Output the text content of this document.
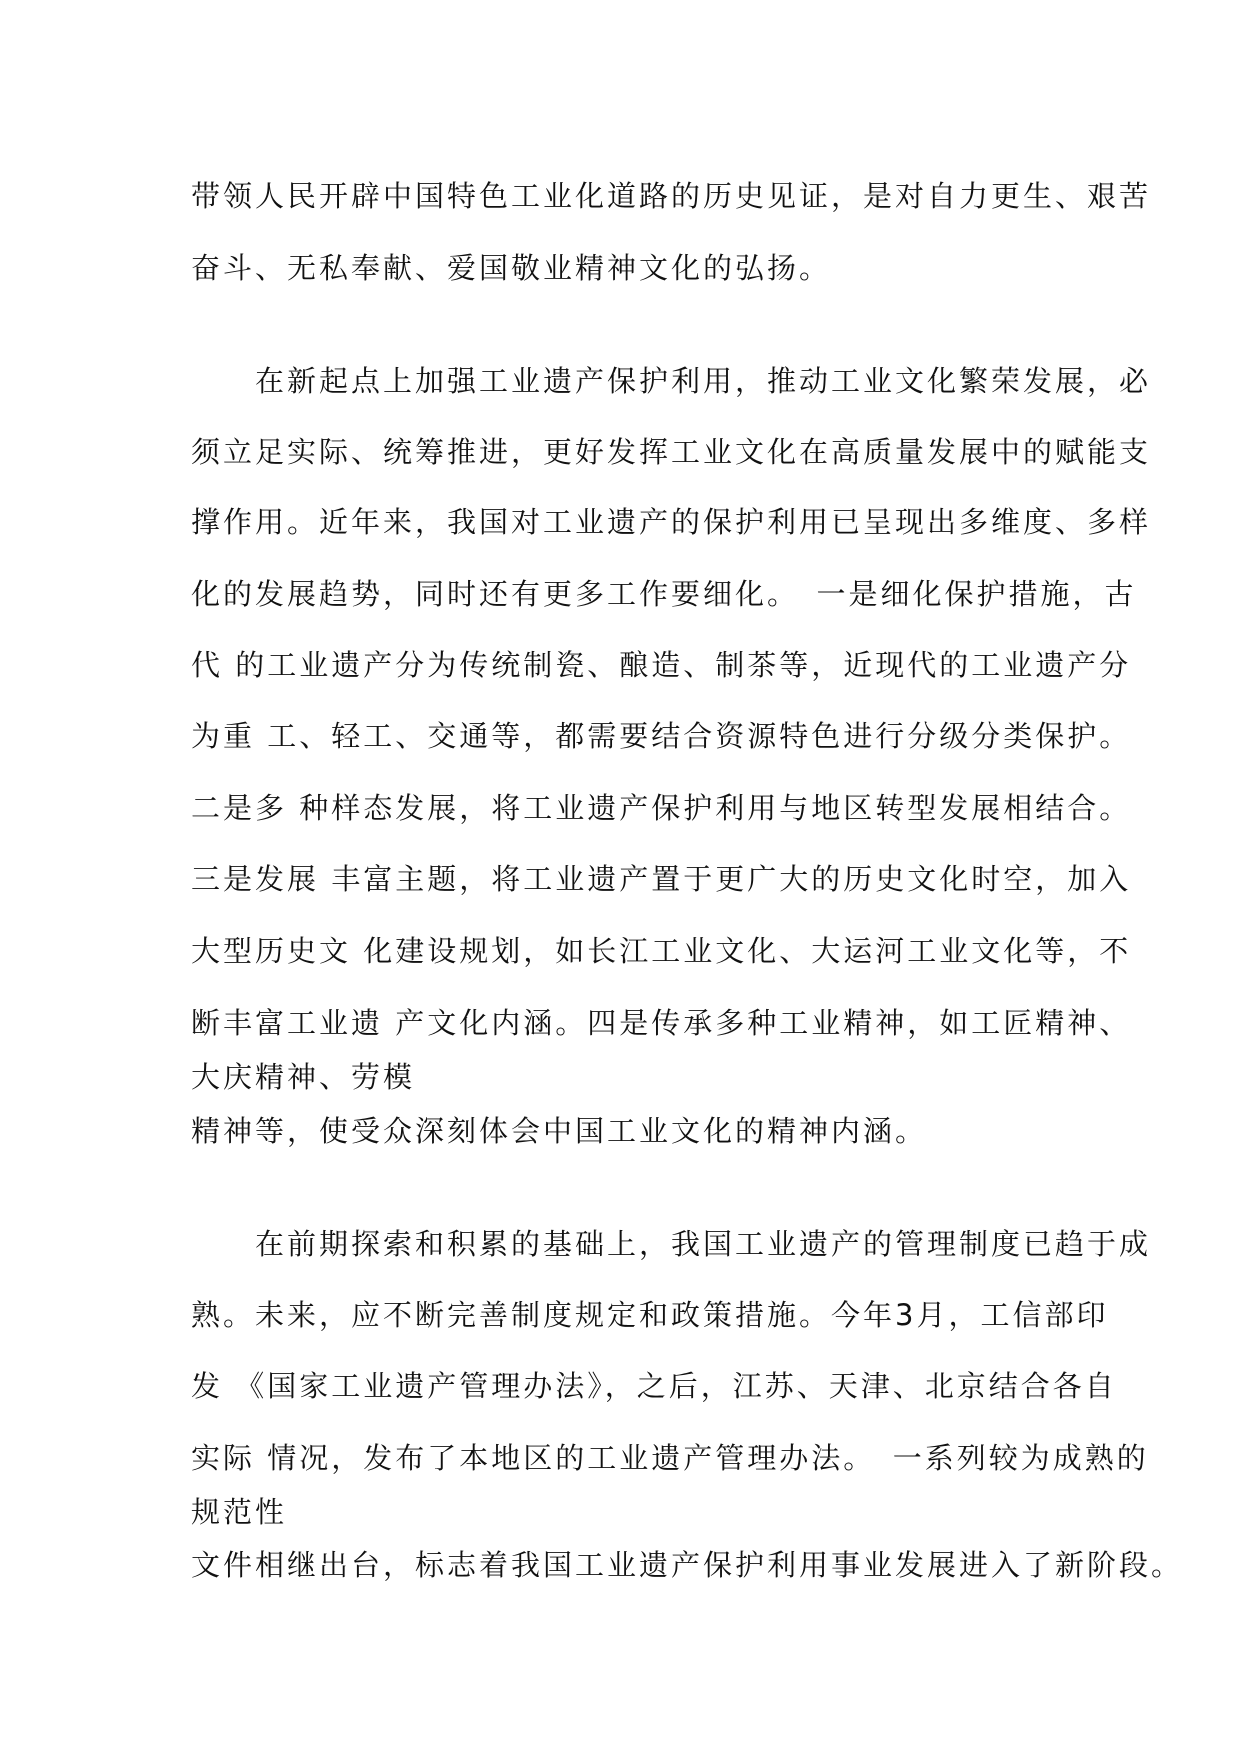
带领人民开辟中国特色工业化道路的历史见证，是对自力更生、艰苦
奋斗、无私奉献、爱国敬业精神文化的弘扬。
　　在新起点上加强工业遗产保护利用，推动工业文化繁荣发展，必
须立足实际、统筹推进，更好发挥工业文化在高质量发展中的赋能支
撑作用。近年来，我国对工业遗产的保护利用已呈现出多维度、多样
化的发展趋势，同时还有更多工作要细化。　一是细化保护措施，古
代 的工业遗产分为传统制瓷、酿造、制茶等，近现代的工业遗产分
为重 工、轻工、交通等，都需要结合资源特色进行分级分类保护。
二是多 种样态发展，将工业遗产保护利用与地区转型发展相结合。
三是发展 丰富主题，将工业遗产置于更广大的历史文化时空，加入
大型历史文 化建设规划，如长江工业文化、大运河工业文化等，不
断丰富工业遗 产文化内涵。四是传承多种工业精神，如工匠精神、
大庆精神、劳模
精神等，使受众深刻体会中国工业文化的精神内涵。
　　在前期探索和积累的基础上，我国工业遗产的管理制度已趋于成
熟。未来，应不断完善制度规定和政策措施。今年3月，工信部印
发 《国家工业遗产管理办法》，之后，江苏、天津、北京结合各自
实际 情况，发布了本地区的工业遗产管理办法。　一系列较为成熟的
规范性
文件相继出台，标志着我国工业遗产保护利用事业发展进入了新阶段。
